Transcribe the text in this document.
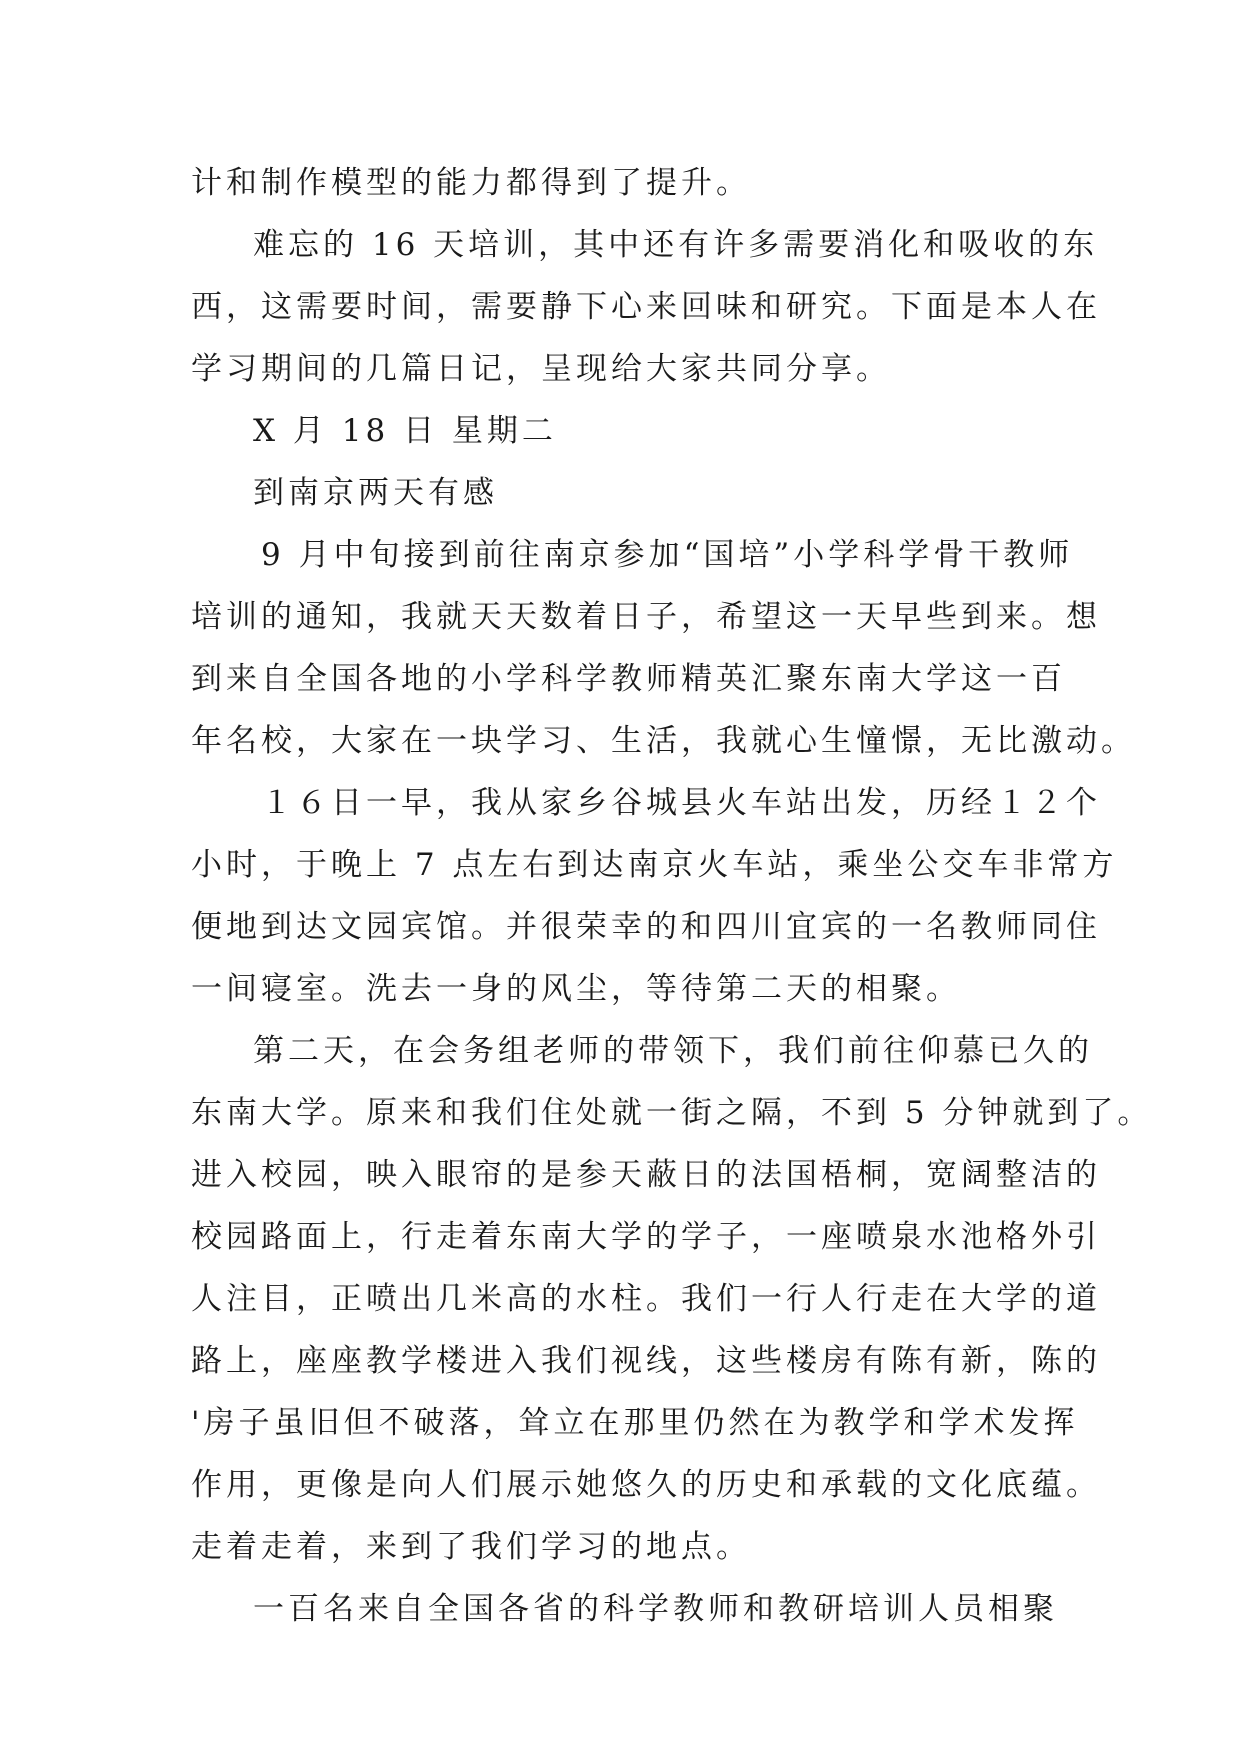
计和制作模型的能力都得到了提升。
难忘的 16 天培训，其中还有许多需要消化和吸收的东
西，这需要时间，需要静下心来回味和研究。下面是本人在
学习期间的几篇日记，呈现给大家共同分享。
X 月 18 日 星期二
到南京两天有感
9 月中旬接到前往南京参加“国培”小学科学骨干教师
培训的通知，我就天天数着日子，希望这一天早些到来。想
到来自全国各地的小学科学教师精英汇聚东南大学这一百
年名校，大家在一块学习、生活，我就心生憧憬，无比激动。
１６日一早，我从家乡谷城县火车站出发，历经１２个
小时，于晚上 7 点左右到达南京火车站，乘坐公交车非常方
便地到达文园宾馆。并很荣幸的和四川宜宾的一名教师同住
一间寝室。洗去一身的风尘，等待第二天的相聚。
第二天，在会务组老师的带领下，我们前往仰慕已久的
东南大学。原来和我们住处就一街之隔，不到 5 分钟就到了。
进入校园，映入眼帘的是参天蔽日的法国梧桐，宽阔整洁的
校园路面上，行走着东南大学的学子，一座喷泉水池格外引
人注目，正喷出几米高的水柱。我们一行人行走在大学的道
路上，座座教学楼进入我们视线，这些楼房有陈有新，陈的
'房子虽旧但不破落，耸立在那里仍然在为教学和学术发挥
作用，更像是向人们展示她悠久的历史和承载的文化底蕴。
走着走着，来到了我们学习的地点。
一百名来自全国各省的科学教师和教研培训人员相聚
